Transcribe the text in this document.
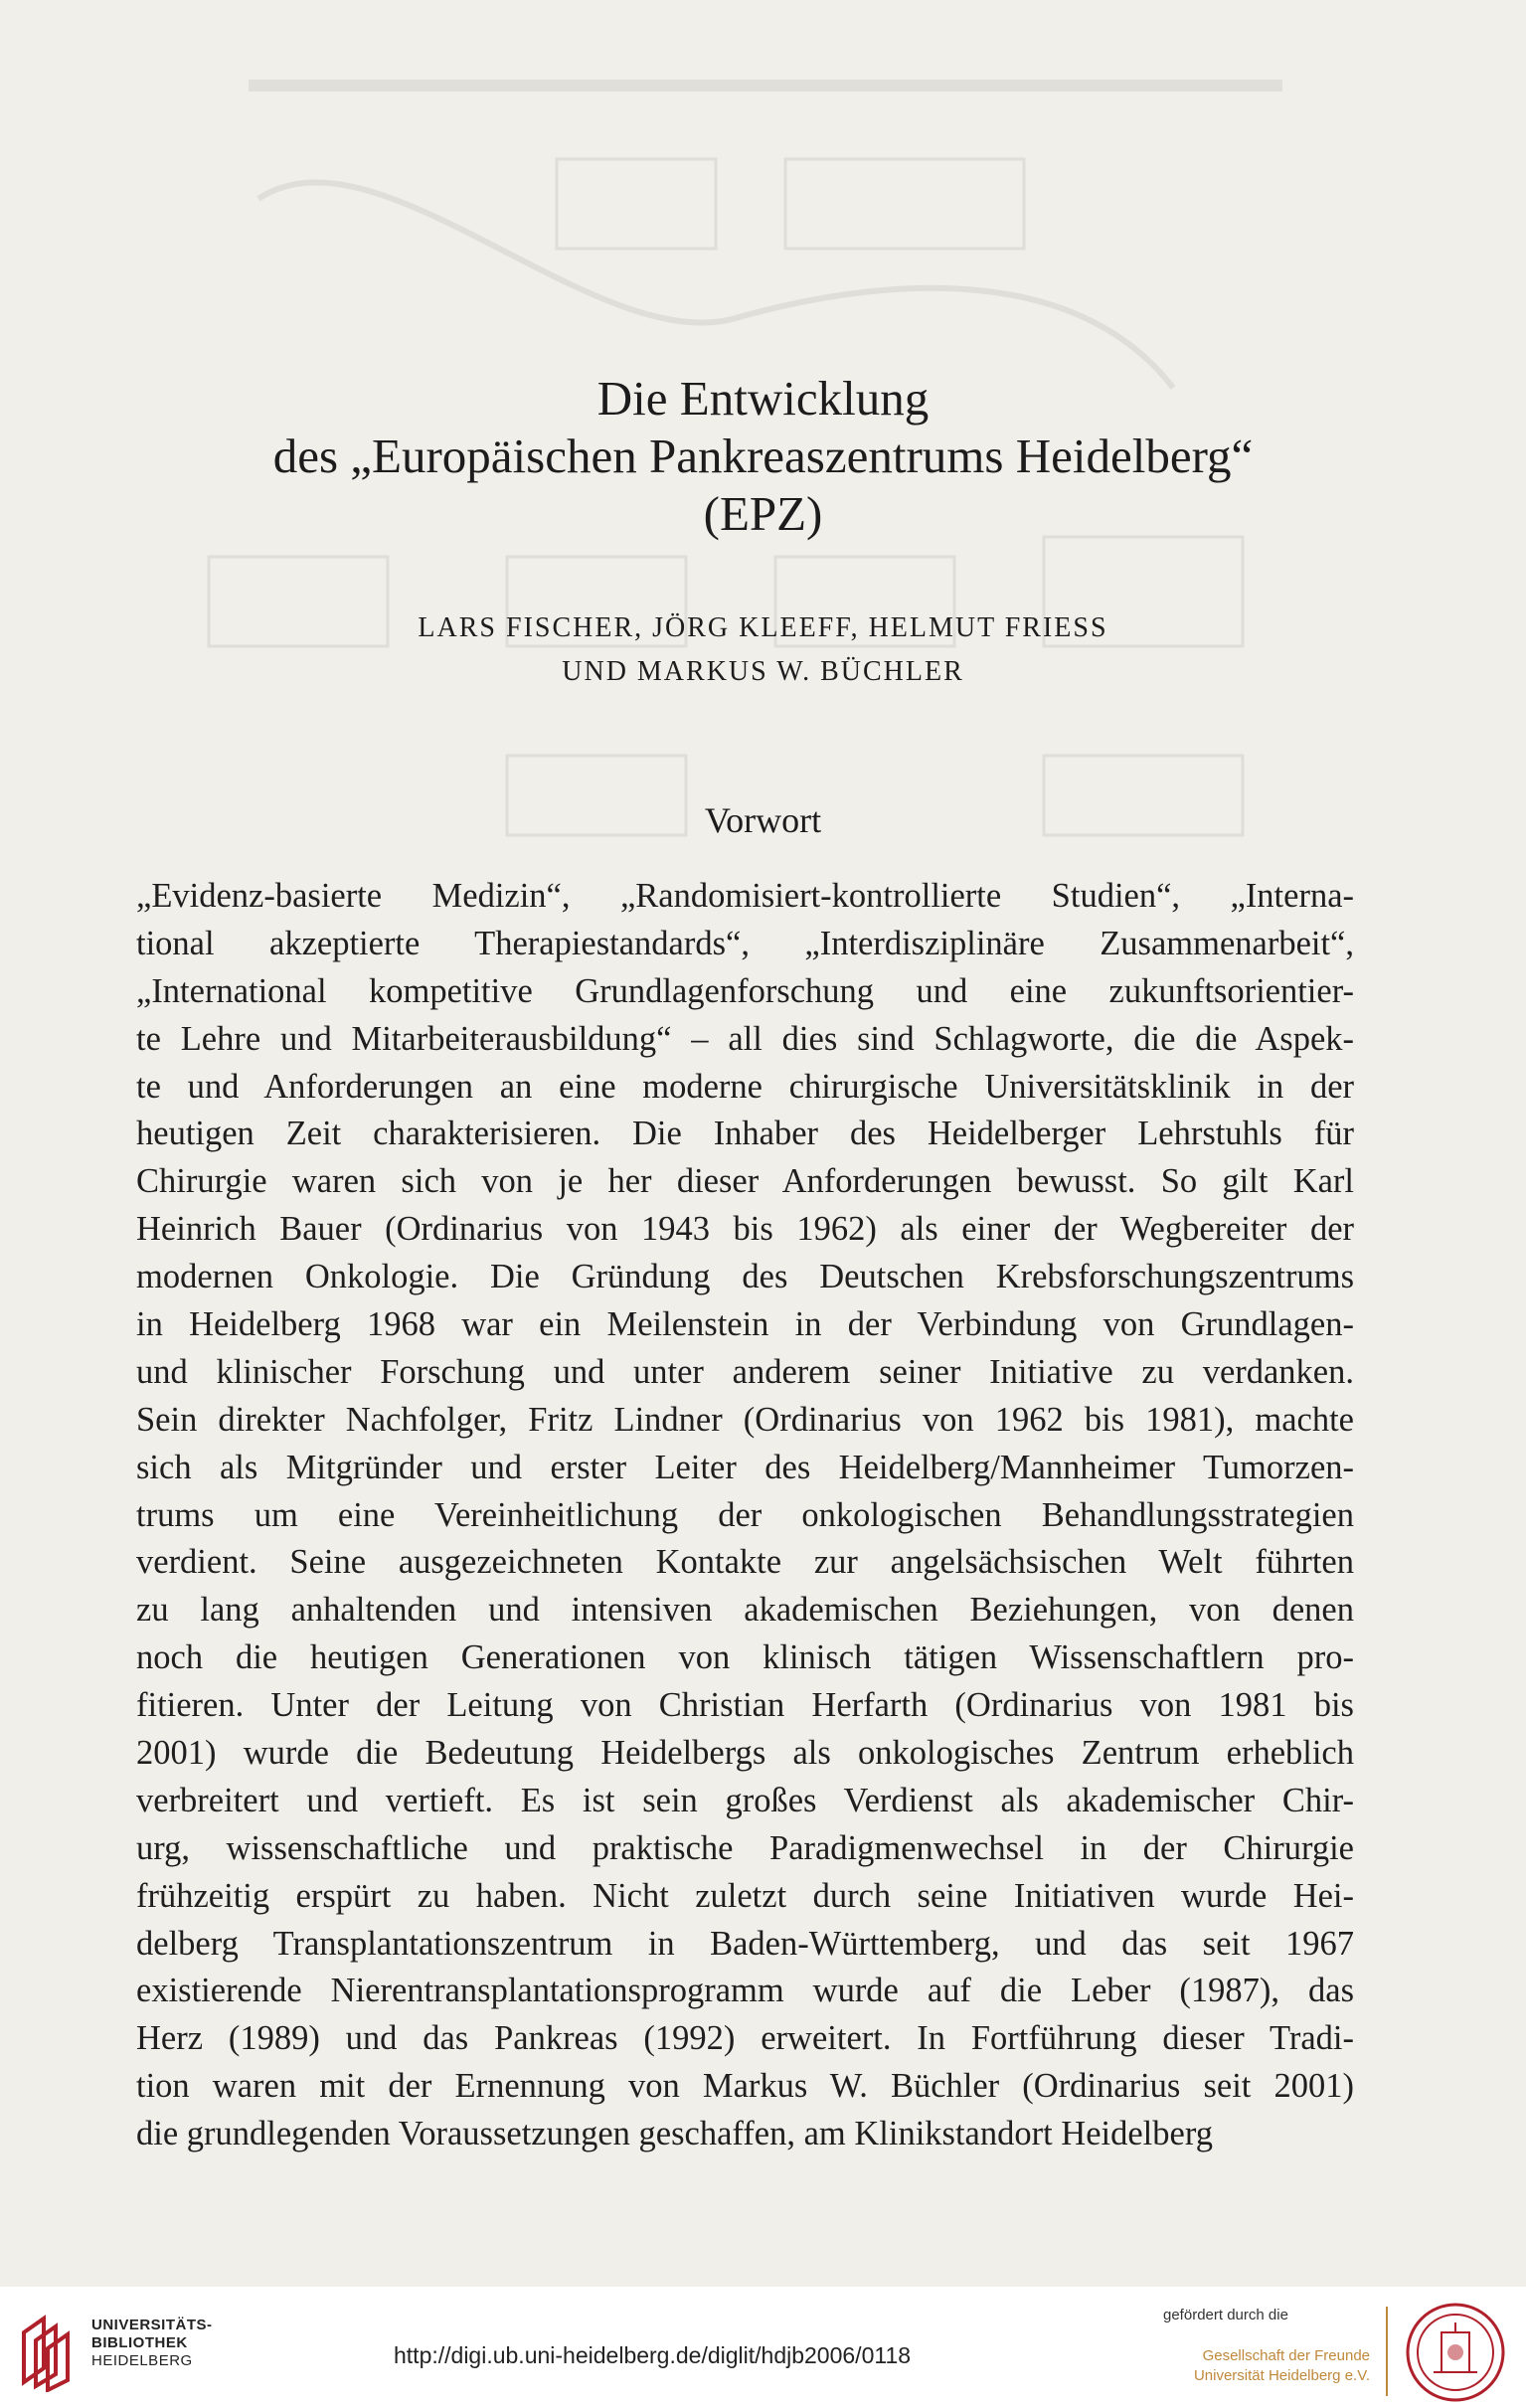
Die Entwicklung
des „Europäischen Pankreaszentrums Heidelberg“
(EPZ)
LARS FISCHER, JÖRG KLEEFF, HELMUT FRIESS
UND MARKUS W. BÜCHLER
Vorwort
„Evidenz-basierte Medizin“, „Randomisiert-kontrollierte Studien“, „Interna-
tional akzeptierte Therapiestandards“, „Interdisziplinäre Zusammenarbeit“,
„International kompetitive Grundlagenforschung und eine zukunftsorientier-
te Lehre und Mitarbeiterausbildung“ – all dies sind Schlagworte, die die Aspek-
te und Anforderungen an eine moderne chirurgische Universitätsklinik in der
heutigen Zeit charakterisieren. Die Inhaber des Heidelberger Lehrstuhls für
Chirurgie waren sich von je her dieser Anforderungen bewusst. So gilt Karl
Heinrich Bauer (Ordinarius von 1943 bis 1962) als einer der Wegbereiter der
modernen Onkologie. Die Gründung des Deutschen Krebsforschungszentrums
in Heidelberg 1968 war ein Meilenstein in der Verbindung von Grundlagen-
und klinischer Forschung und unter anderem seiner Initiative zu verdanken.
Sein direkter Nachfolger, Fritz Lindner (Ordinarius von 1962 bis 1981), machte
sich als Mitgründer und erster Leiter des Heidelberg/Mannheimer Tumorzen-
trums um eine Vereinheitlichung der onkologischen Behandlungsstrategien
verdient. Seine ausgezeichneten Kontakte zur angelsächsischen Welt führten
zu lang anhaltenden und intensiven akademischen Beziehungen, von denen
noch die heutigen Generationen von klinisch tätigen Wissenschaftlern pro-
fitieren. Unter der Leitung von Christian Herfarth (Ordinarius von 1981 bis
2001) wurde die Bedeutung Heidelbergs als onkologisches Zentrum erheblich
verbreitert und vertieft. Es ist sein großes Verdienst als akademischer Chir-
urg, wissenschaftliche und praktische Paradigmenwechsel in der Chirurgie
frühzeitig erspürt zu haben. Nicht zuletzt durch seine Initiativen wurde Hei-
delberg Transplantationszentrum in Baden-Württemberg, und das seit 1967
existierende Nierentransplantationsprogramm wurde auf die Leber (1987), das
Herz (1989) und das Pankreas (1992) erweitert. In Fortführung dieser Tradi-
tion waren mit der Ernennung von Markus W. Büchler (Ordinarius seit 2001)
die grundlegenden Voraussetzungen geschaffen, am Klinikstandort Heidelberg
UNIVERSITÄTS-
BIBLIOTHEK
HEIDELBERG	http://digi.ub.uni-heidelberg.de/diglit/hdjb2006/0118
gefördert durch die
Gesellschaft der Freunde
Universität Heidelberg e.V.
